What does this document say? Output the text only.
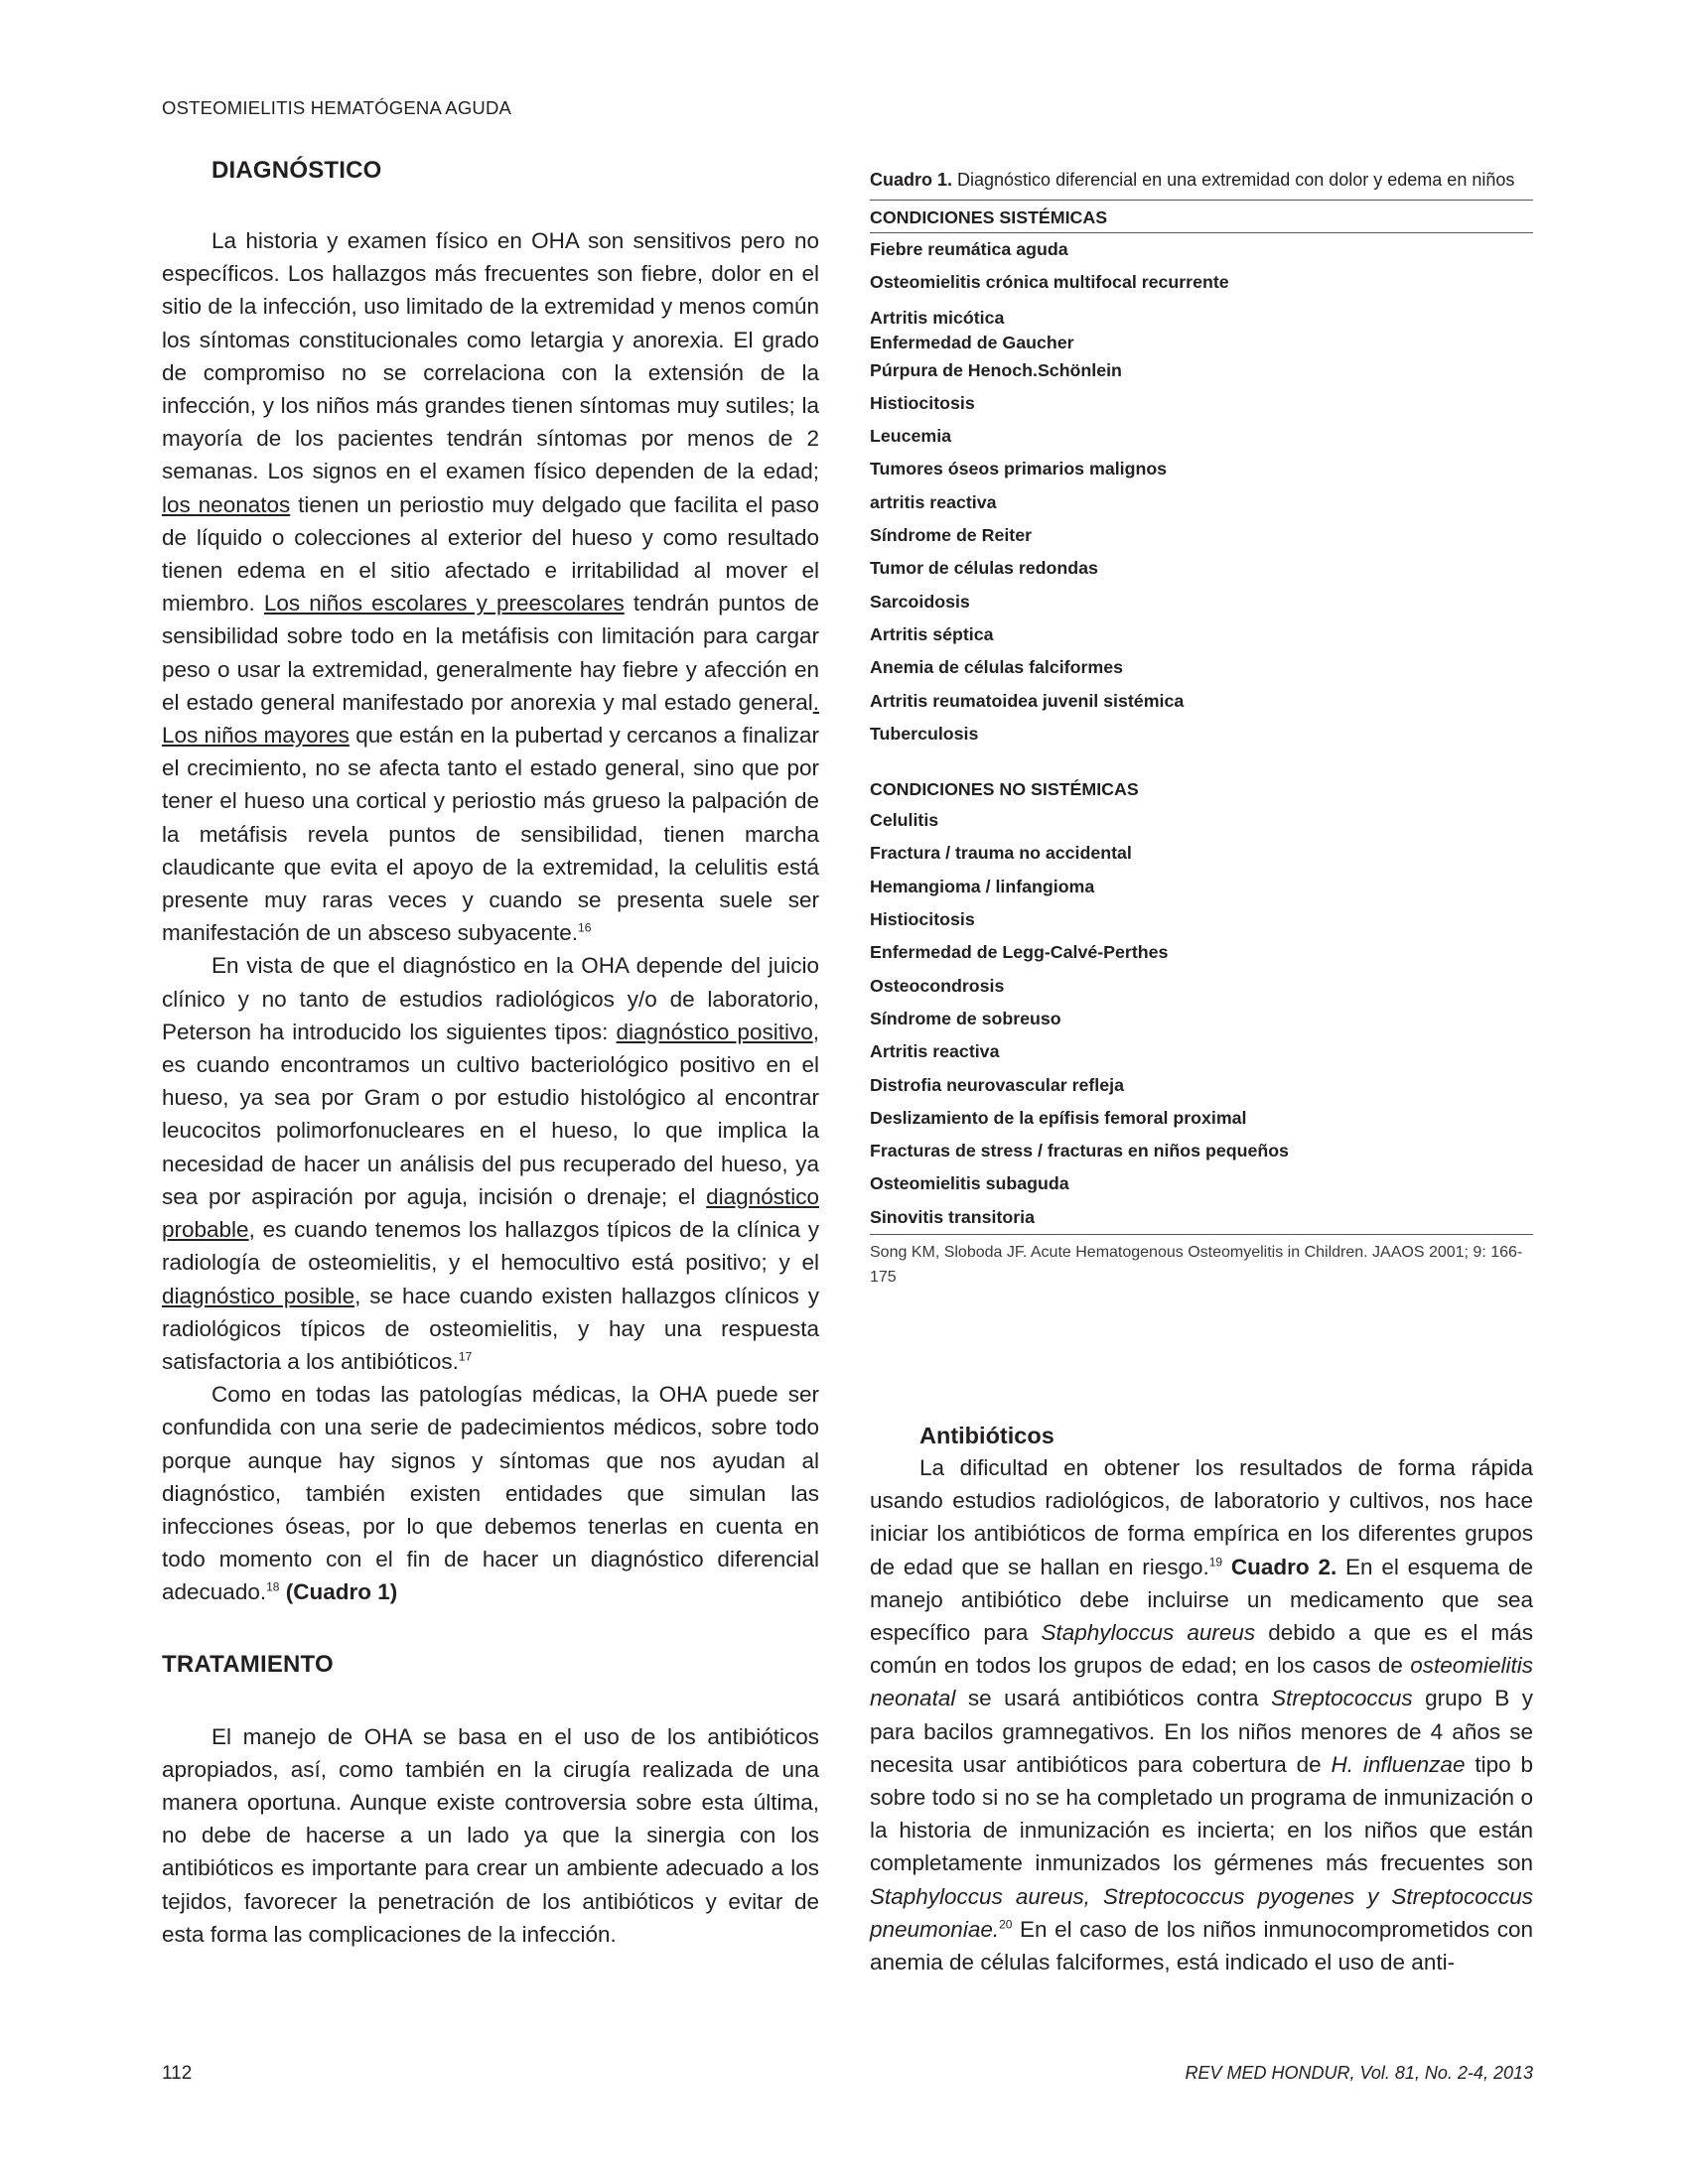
OSTEOMIELITIS HEMATÓGENA AGUDA
DIAGNÓSTICO

La historia y examen físico en OHA son sensitivos pero no específicos. Los hallazgos más frecuentes son fiebre, dolor en el sitio de la infección, uso limitado de la extremidad y menos común los síntomas constitucionales como letargia y anorexia. El grado de compromiso no se correlaciona con la extensión de la infección, y los niños más grandes tienen síntomas muy sutiles; la mayoría de los pacientes tendrán síntomas por menos de 2 semanas. Los signos en el examen físico dependen de la edad; los neonatos tienen un periostio muy delgado que facilita el paso de líquido o colecciones al exterior del hueso y como resultado tienen edema en el sitio afectado e irritabilidad al mover el miembro. Los niños escolares y preescolares tendrán puntos de sensibilidad sobre todo en la metáfisis con limitación para cargar peso o usar la extremidad, generalmente hay fiebre y afección en el estado general manifestado por anorexia y mal estado general. Los niños mayores que están en la pubertad y cercanos a finalizar el crecimiento, no se afecta tanto el estado general, sino que por tener el hueso una cortical y periostio más grueso la palpación de la metáfisis revela puntos de sensibilidad, tienen marcha claudicante que evita el apoyo de la extremidad, la celulitis está presente muy raras veces y cuando se presenta suele ser manifestación de un absceso subyacente.$^{16}$

En vista de que el diagnóstico en la OHA depende del juicio clínico y no tanto de estudios radiológicos y/o de laboratorio, Peterson ha introducido los siguientes tipos: diagnóstico positivo, es cuando encontramos un cultivo bacteriológico positivo en el hueso, ya sea por Gram o por estudio histológico al encontrar leucocitos polimorfonucleares en el hueso, lo que implica la necesidad de hacer un análisis del pus recuperado del hueso, ya sea por aspiración por aguja, incisión o drenaje; el diagnóstico probable, es cuando tenemos los hallazgos típicos de la clínica y radiología de osteomielitis, y el hemocultivo está positivo; y el diagnóstico posible, se hace cuando existen hallazgos clínicos y radiológicos típicos de osteomielitis, y hay una respuesta satisfactoria a los antibióticos.$^{17}$

Como en todas las patologías médicas, la OHA puede ser confundida con una serie de padecimientos médicos, sobre todo porque aunque hay signos y síntomas que nos ayudan al diagnóstico, también existen entidades que simulan las infecciones óseas, por lo que debemos tenerlas en cuenta en todo momento con el fin de hacer un diagnóstico diferencial adecuado.$^{18}$ (Cuadro 1)

TRATAMIENTO

El manejo de OHA se basa en el uso de los antibióticos apropiados, así, como también en la cirugía realizada de una manera oportuna. Aunque existe controversia sobre esta última, no debe de hacerse a un lado ya que la sinergia con los antibióticos es importante para crear un ambiente adecuado a los tejidos, favorecer la penetración de los antibióticos y evitar de esta forma las complicaciones de la infección.

Cuadro 1. Diagnóstico diferencial en una extremidad con dolor y edema en niños

CONDICIONES SISTÉMICAS
Fiebre reumática aguda
Osteomielitis crónica multifocal recurrente
Artritis micótica
Enfermedad de Gaucher
Púrpura de Henoch.Schönlein
Histiocitosis
Leucemia
Tumores óseos primarios malignos
artritis reactiva
Síndrome de Reiter
Tumor de células redondas
Sarcoidosis
Artritis séptica
Anemia de células falciformes
Artritis reumatoidea juvenil sistémica
Tuberculosis
CONDICIONES NO SISTÉMICAS
Celulitis
Fractura / trauma no accidental
Hemangioma / linfangioma
Histiocitosis
Enfermedad de Legg-Calvé-Perthes
Osteocondrosis
Síndrome de sobreuso
Artritis reactiva
Distrofia neurovascular refleja
Deslizamiento de la epífisis femoral proximal
Fracturas de stress / fracturas en niños pequeños
Osteomielitis subaguda
Sinovitis transitoria
Song KM, Sloboda JF. Acute Hematogenous Osteomyelitis in Children. JAAOS 2001; 9: 166-175
Antibióticos

La dificultad en obtener los resultados de forma rápida usando estudios radiológicos, de laboratorio y cultivos, nos hace iniciar los antibióticos de forma empírica en los diferentes grupos de edad que se hallan en riesgo.$^{19}$ Cuadro 2. En el esquema de manejo antibiótico debe incluirse un medicamento que sea específico para Staphyloccus aureus debido a que es el más común en todos los grupos de edad; en los casos de osteomielitis neonatal se usará antibióticos contra Streptococcus grupo B y para bacilos gramnegativos. En los niños menores de 4 años se necesita usar antibióticos para cobertura de H. influenzae tipo b sobre todo si no se ha completado un programa de inmunización o la historia de inmunización es incierta; en los niños que están completamente inmunizados los gérmenes más frecuentes son Staphyloccus aureus, Streptococcus pyogenes y Streptococcus pneumoniae.$^{20}$ En el caso de los niños inmunocomprometidos con anemia de células falciformes, está indicado el uso de anti-

112	REV MED HONDUR, Vol. 81, No. 2-4, 2013
